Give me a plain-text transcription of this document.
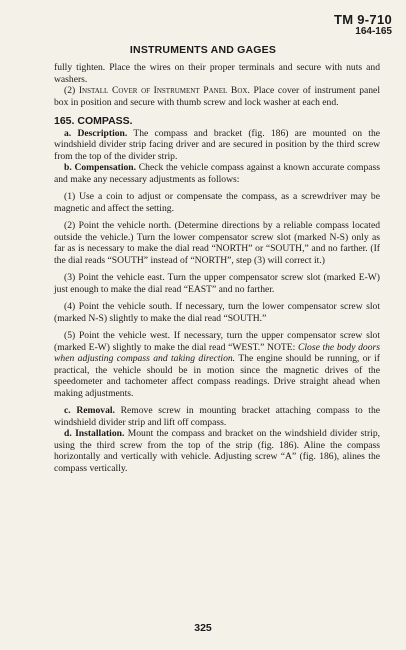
TM 9-710
164-165
INSTRUMENTS AND GAGES

fully tighten. Place the wires on their proper terminals and secure with nuts and washers.

(2) Install Cover of Instrument Panel Box. Place cover of instrument panel box in position and secure with thumb screw and lock washer at each end.

165. COMPASS.

a. Description. The compass and bracket (fig. 186) are mounted on the windshield divider strip facing driver and are secured in position by the third screw from the top of the divider strip.

b. Compensation. Check the vehicle compass against a known accurate compass and make any necessary adjustments as follows:

(1) Use a coin to adjust or compensate the compass, as a screwdriver may be magnetic and affect the setting.

(2) Point the vehicle north. (Determine directions by a reliable compass located outside the vehicle.) Turn the lower compensator screw slot (marked N-S) only as far as is necessary to make the dial read “NORTH” or “SOUTH,” and no farther. (If the dial reads “SOUTH” instead of “NORTH”, step (3) will correct it.)

(3) Point the vehicle east. Turn the upper compensator screw slot (marked E-W) just enough to make the dial read “EAST” and no farther.

(4) Point the vehicle south. If necessary, turn the lower compensator screw slot (marked N-S) slightly to make the dial read “SOUTH.”

(5) Point the vehicle west. If necessary, turn the upper compensator screw slot (marked E-W) slightly to make the dial read “WEST.” NOTE: Close the body doors when adjusting compass and taking direction. The engine should be running, or if practical, the vehicle should be in motion since the magnetic drives of the speedometer and tachometer affect compass readings. Drive straight ahead when making adjustments.

c. Removal. Remove screw in mounting bracket attaching compass to the windshield divider strip and lift off compass.

d. Installation. Mount the compass and bracket on the windshield divider strip, using the third screw from the top of the strip (fig. 186). Aline the compass horizontally and vertically with vehicle. Adjusting screw “A” (fig. 186), alines the compass vertically.

325
